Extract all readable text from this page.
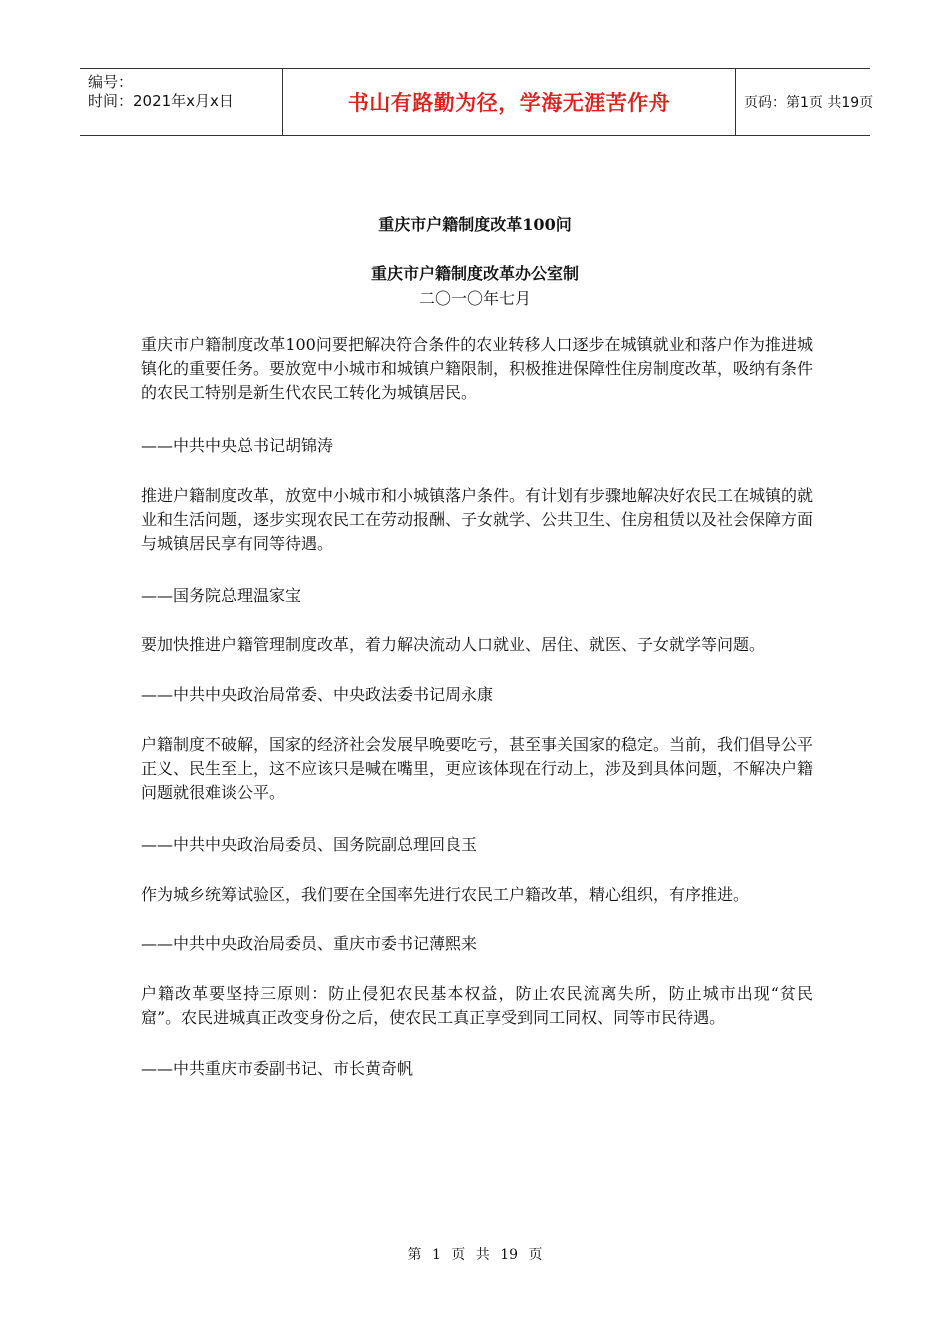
编号：
时间：2021年x月x日	书山有路勤为径，学海无涯苦作舟	页码：第1页 共19页
重庆市户籍制度改革100问
重庆市户籍制度改革办公室制
二〇一〇年七月
重庆市户籍制度改革100问要把解决符合条件的农业转移人口逐步在城镇就业和落户作为推进城镇化的重要任务。要放宽中小城市和城镇户籍限制，积极推进保障性住房制度改革，吸纳有条件的农民工特别是新生代农民工转化为城镇居民。
——中共中央总书记胡锦涛
推进户籍制度改革，放宽中小城市和小城镇落户条件。有计划有步骤地解决好农民工在城镇的就业和生活问题，逐步实现农民工在劳动报酬、子女就学、公共卫生、住房租赁以及社会保障方面与城镇居民享有同等待遇。
——国务院总理温家宝
要加快推进户籍管理制度改革，着力解决流动人口就业、居住、就医、子女就学等问题。
——中共中央政治局常委、中央政法委书记周永康
户籍制度不破解，国家的经济社会发展早晚要吃亏，甚至事关国家的稳定。当前，我们倡导公平正义、民生至上，这不应该只是喊在嘴里，更应该体现在行动上，涉及到具体问题，不解决户籍问题就很难谈公平。
——中共中央政治局委员、国务院副总理回良玉
作为城乡统筹试验区，我们要在全国率先进行农民工户籍改革，精心组织，有序推进。
——中共中央政治局委员、重庆市委书记薄熙来
户籍改革要坚持三原则：防止侵犯农民基本权益，防止农民流离失所，防止城市出现“贫民窟”。农民进城真正改变身份之后，使农民工真正享受到同工同权、同等市民待遇。
——中共重庆市委副书记、市长黄奇帆
第 1 页 共 19 页
